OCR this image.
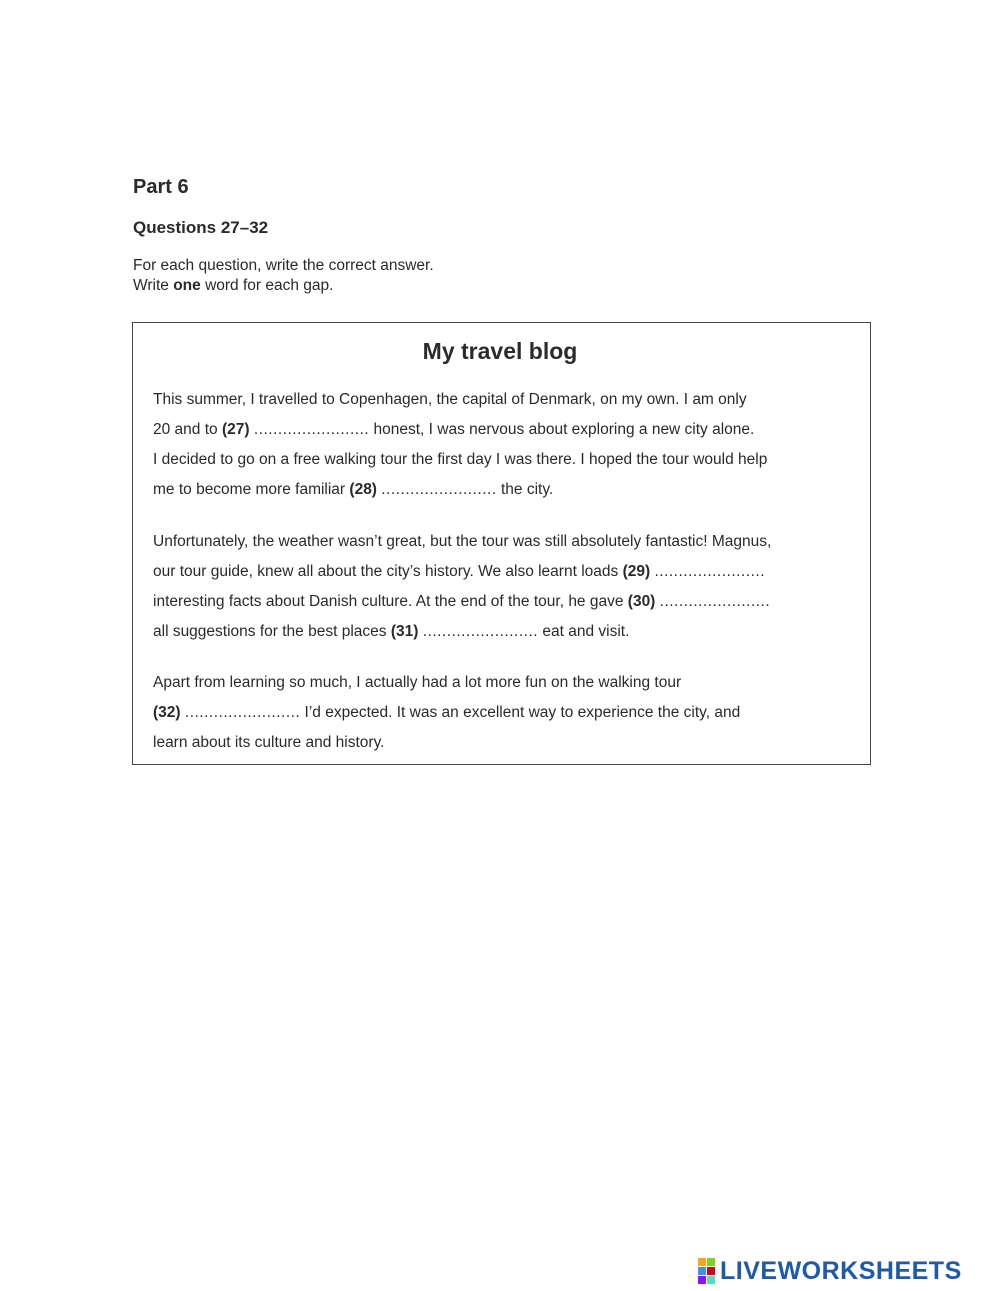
Part 6
Questions 27–32
For each question, write the correct answer.
Write one word for each gap.
My travel blog
This summer, I travelled to Copenhagen, the capital of Denmark, on my own. I am only
20 and to (27) ........................ honest, I was nervous about exploring a new city alone.
I decided to go on a free walking tour the first day I was there. I hoped the tour would help
me to become more familiar (28) ........................ the city.
Unfortunately, the weather wasn’t great, but the tour was still absolutely fantastic! Magnus,
our tour guide, knew all about the city’s history. We also learnt loads (29) .......................
interesting facts about Danish culture. At the end of the tour, he gave (30) .......................
all suggestions for the best places (31) ........................ eat and visit.
Apart from learning so much, I actually had a lot more fun on the walking tour
(32) ........................ I’d expected. It was an excellent way to experience the city, and
learn about its culture and history.
LIVEWORKSHEETS
